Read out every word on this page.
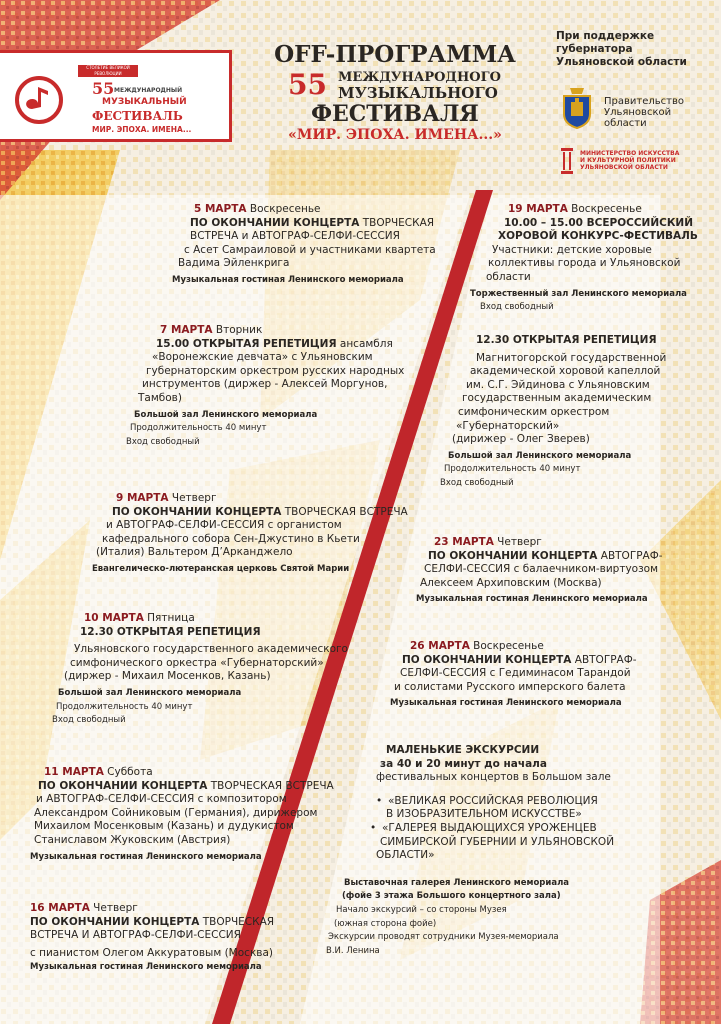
СТОЛЕТИЕ ВЕЛИКОЙ РЕВОЛЮЦИИ
55 МЕЖДУНАРОДНЫЙ
МУЗЫКАЛЬНЫЙ
ФЕСТИВАЛЬ
МИР. ЭПОХА. ИМЕНА...
OFF-ПРОГРАММА
55 МЕЖДУНАРОДНОГО
МУЗЫКАЛЬНОГО
ФЕСТИВАЛЯ
«МИР. ЭПОХА. ИМЕНА...»
При поддержке
губернатора
Ульяновской области
Правительство
Ульяновской
области
МИНИСТЕРСТВО ИСКУССТВА
И КУЛЬТУРНОЙ ПОЛИТИКИ
УЛЬЯНОВСКОЙ ОБЛАСТИ
5 МАРТА Воскресенье
ПО ОКОНЧАНИИ КОНЦЕРТА ТВОРЧЕСКАЯ
ВСТРЕЧА и АВТОГРАФ-СЕЛФИ-СЕССИЯ
с Асет Самраиловой и участниками квартета
Вадима Эйленкрига
Музыкальная гостиная Ленинского мемориала
7 МАРТА Вторник
15.00 ОТКРЫТАЯ РЕПЕТИЦИЯ ансамбля
«Воронежские девчата» с Ульяновским
губернаторским оркестром русских народных
инструментов (диржер - Алексей Моргунов,
Тамбов)
Большой зал Ленинского мемориала
Продолжительность 40 минут
Вход свободный
9 МАРТА Четверг
ПО ОКОНЧАНИИ КОНЦЕРТА ТВОРЧЕСКАЯ ВСТРЕЧА
и АВТОГРАФ-СЕЛФИ-СЕССИЯ с органистом
кафедрального собора Сен-Джустино в Кьети
(Италия) Вальтером Д’Арканджело
Евангелическо-лютеранская церковь Святой Марии
10 МАРТА Пятница
12.30 ОТКРЫТАЯ РЕПЕТИЦИЯ
Ульяновского государственного академического
симфонического оркестра «Губернаторский»
(диржер - Михаил Мосенков, Казань)
Большой зал Ленинского мемориала
Продолжительность 40 минут
Вход свободный
11 МАРТА Суббота
ПО ОКОНЧАНИИ КОНЦЕРТА ТВОРЧЕСКАЯ ВСТРЕЧА
и АВТОГРАФ-СЕЛФИ-СЕССИЯ с композитором
Александром Сойниковым (Германия), дирижером
Михаилом Мосенковым (Казань) и дудукистом
Станиславом Жуковским (Австрия)
Музыкальная гостиная Ленинского мемориала
16 МАРТА Четверг
ПО ОКОНЧАНИИ КОНЦЕРТА ТВОРЧЕСКАЯ
ВСТРЕЧА И АВТОГРАФ-СЕЛФИ-СЕССИЯ
с пианистом Олегом Аккуратовым (Москва)
Музыкальная гостиная Ленинского мемориала
19 МАРТА Воскресенье
10.00 – 15.00 ВСЕРОССИЙСКИЙ
ХОРОВОЙ КОНКУРС-ФЕСТИВАЛЬ
Участники: детские хоровые
коллективы города и Ульяновской
области
Торжественный зал Ленинского мемориала
Вход свободный
12.30 ОТКРЫТАЯ РЕПЕТИЦИЯ
Магнитогорской государственной
академической хоровой капеллой
им. С.Г. Эйдинова с Ульяновским
государственным академическим
симфоническим оркестром
«Губернаторский»
(дирижер - Олег Зверев)
Большой зал Ленинского мемориала
Продолжительность 40 минут
Вход свободный
23 МАРТА Четверг
ПО ОКОНЧАНИИ КОНЦЕРТА АВТОГРАФ-
СЕЛФИ-СЕССИЯ с балаечником-виртуозом
Алексеем Архиповским (Москва)
Музыкальная гостиная Ленинского мемориала
26 МАРТА Воскресенье
ПО ОКОНЧАНИИ КОНЦЕРТА АВТОГРАФ-
СЕЛФИ-СЕССИЯ с Гедиминасом Тарандой
и солистами Русского имперского балета
Музыкальная гостиная Ленинского мемориала
МАЛЕНЬКИЕ ЭКСКУРСИИ
за 40 и 20 минут до начала
фестивальных концертов в Большом зале
• «ВЕЛИКАЯ РОССИЙСКАЯ РЕВОЛЮЦИЯ
В ИЗОБРАЗИТЕЛЬНОМ ИСКУССТВЕ»
• «ГАЛЕРЕЯ ВЫДАЮЩИХСЯ УРОЖЕНЦЕВ
СИМБИРСКОЙ ГУБЕРНИИ И УЛЬЯНОВСКОЙ
ОБЛАСТИ»
Выставочная галерея Ленинского мемориала
(фойе 3 этажа Большого концертного зала)
Начало экскурсий – со стороны Музея
(южная сторона фойе)
Экскурсии проводят сотрудники Музея-мемориала
В.И. Ленина
